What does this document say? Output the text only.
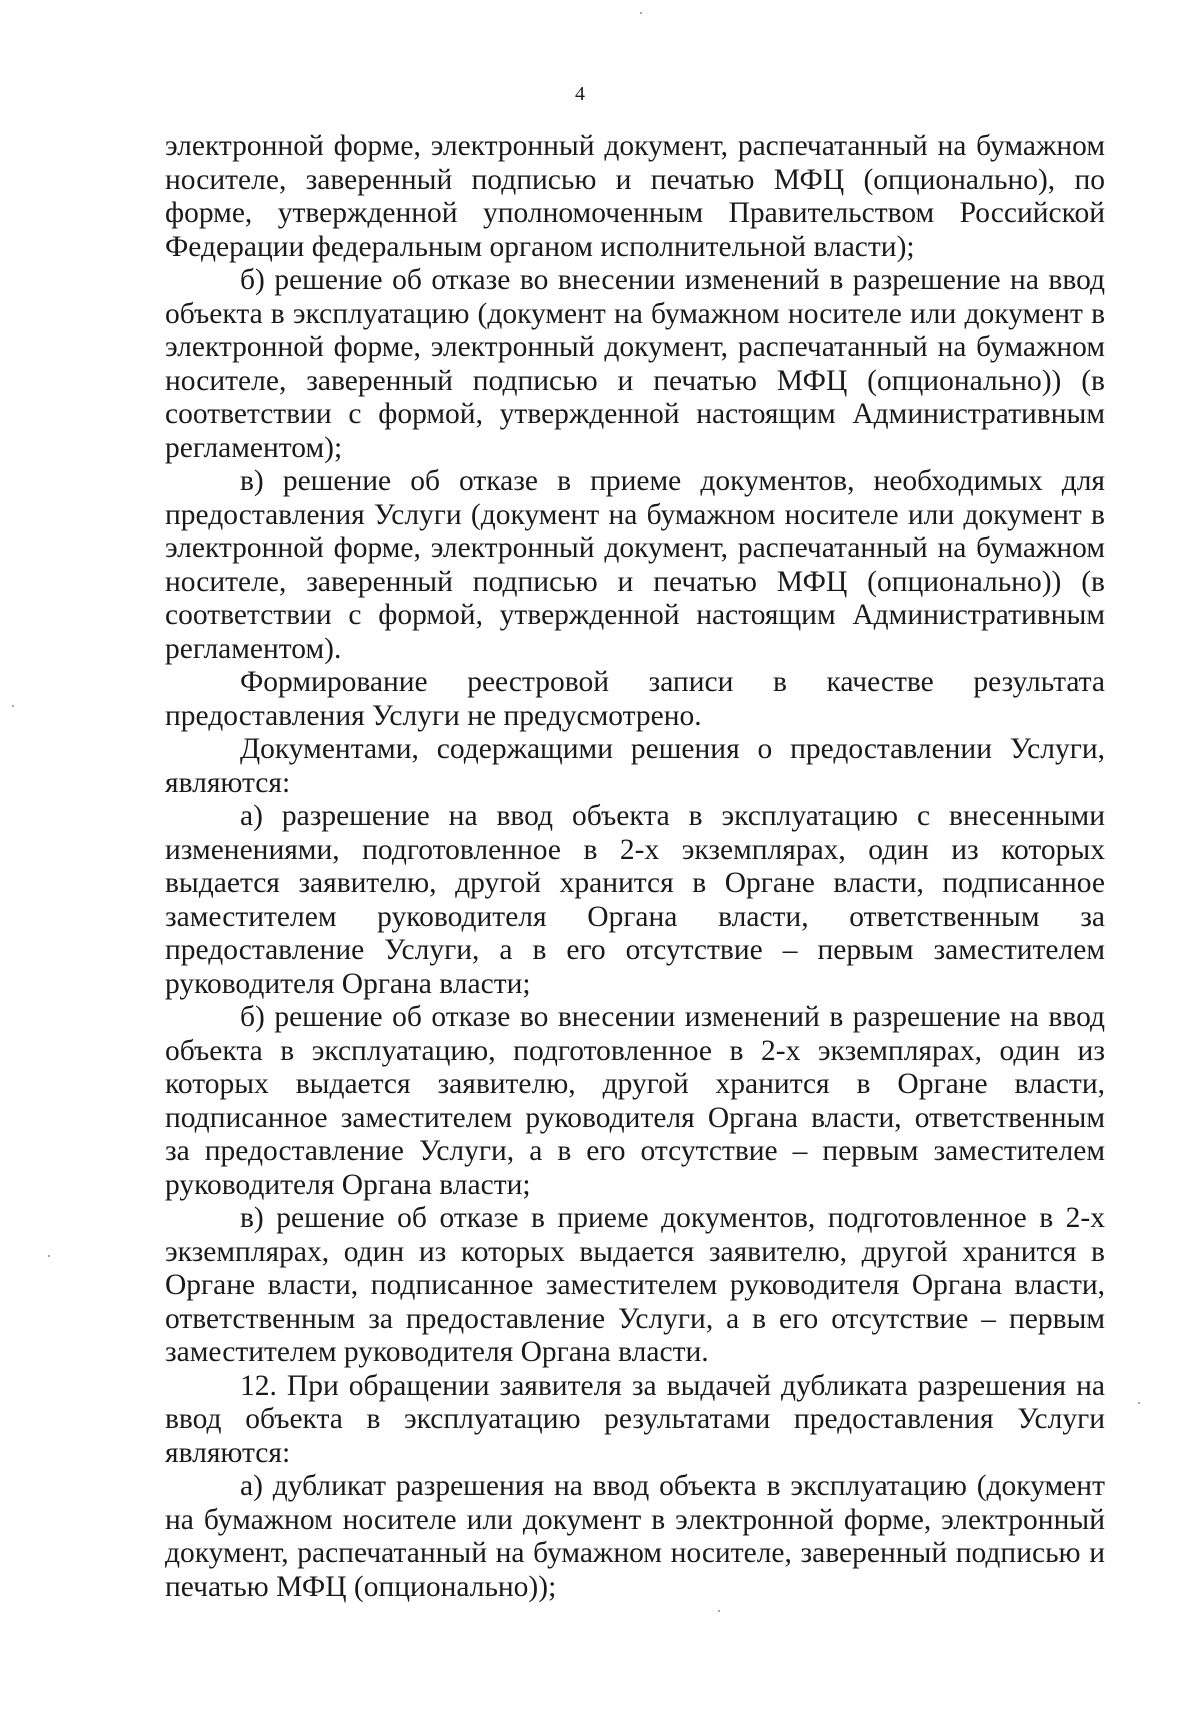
4

электронной форме, электронный документ, распечатанный на бумажном носителе, заверенный подписью и печатью МФЦ (опционально), по форме, утвержденной уполномоченным Правительством Российской Федерации федеральным органом исполнительной власти);

б) решение об отказе во внесении изменений в разрешение на ввод объекта в эксплуатацию (документ на бумажном носителе или документ в электронной форме, электронный документ, распечатанный на бумажном носителе, заверенный подписью и печатью МФЦ (опционально)) (в соответствии с формой, утвержденной настоящим Административным регламентом);

в) решение об отказе в приеме документов, необходимых для предоставления Услуги (документ на бумажном носителе или документ в электронной форме, электронный документ, распечатанный на бумажном носителе, заверенный подписью и печатью МФЦ (опционально)) (в соответствии с формой, утвержденной настоящим Административным регламентом).

Формирование реестровой записи в качестве результата предоставления Услуги не предусмотрено.

Документами, содержащими решения о предоставлении Услуги, являются:

а) разрешение на ввод объекта в эксплуатацию с внесенными изменениями, подготовленное в 2-х экземплярах, один из которых выдается заявителю, другой хранится в Органе власти, подписанное заместителем руководителя Органа власти, ответственным за предоставление Услуги, а в его отсутствие – первым заместителем руководителя Органа власти;

б) решение об отказе во внесении изменений в разрешение на ввод объекта в эксплуатацию, подготовленное в 2-х экземплярах, один из которых выдается заявителю, другой хранится в Органе власти, подписанное заместителем руководителя Органа власти, ответственным за предоставление Услуги, а в его отсутствие – первым заместителем руководителя Органа власти;

в) решение об отказе в приеме документов, подготовленное в 2-х экземплярах, один из которых выдается заявителю, другой хранится в Органе власти, подписанное заместителем руководителя Органа власти, ответственным за предоставление Услуги, а в его отсутствие – первым заместителем руководителя Органа власти.

12. При обращении заявителя за выдачей дубликата разрешения на ввод объекта в эксплуатацию результатами предоставления Услуги являются:

а) дубликат разрешения на ввод объекта в эксплуатацию (документ на бумажном носителе или документ в электронной форме, электронный документ, распечатанный на бумажном носителе, заверенный подписью и печатью МФЦ (опционально));
